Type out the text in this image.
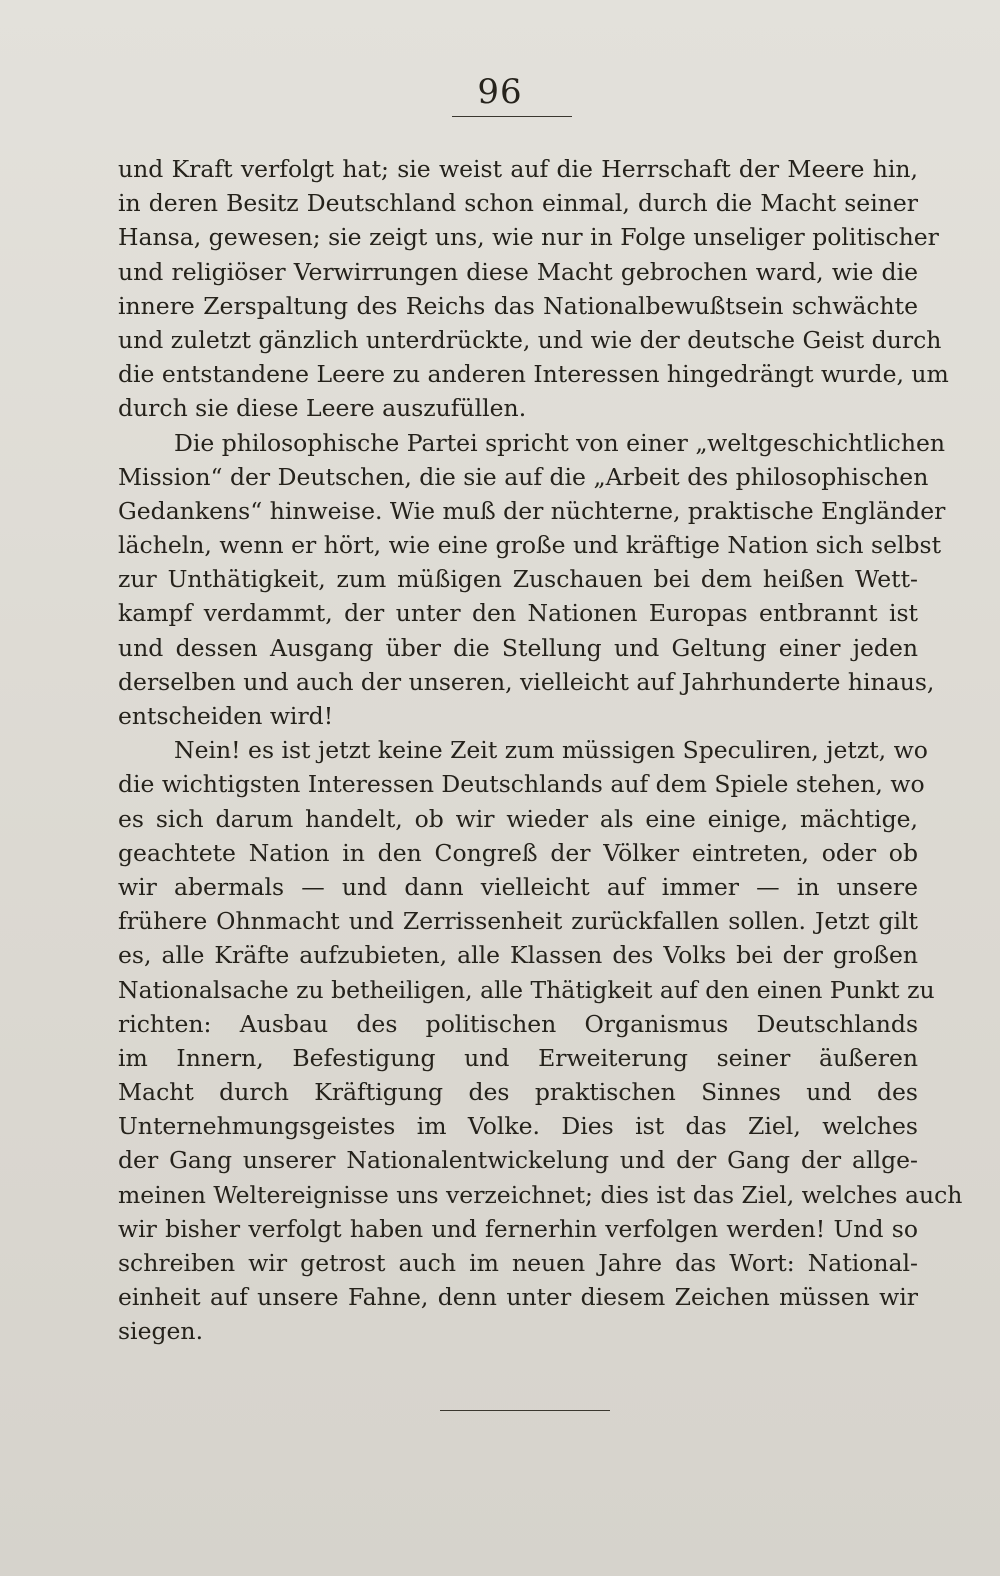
96
und Kraft verfolgt hat; sie weist auf die Herrschaft der Meere hin,
in deren Besitz Deutschland schon einmal, durch die Macht seiner
Hansa, gewesen; sie zeigt uns, wie nur in Folge unseliger politischer
und religiöser Verwirrungen diese Macht gebrochen ward, wie die
innere Zerspaltung des Reichs das Nationalbewußtsein schwächte
und zuletzt gänzlich unterdrückte, und wie der deutsche Geist durch
die entstandene Leere zu anderen Interessen hingedrängt wurde, um
durch sie diese Leere auszufüllen.
Die philosophische Partei spricht von einer „weltgeschichtlichen
Mission“ der Deutschen, die sie auf die „Arbeit des philosophischen
Gedankens“ hinweise. Wie muß der nüchterne, praktische Engländer
lächeln, wenn er hört, wie eine große und kräftige Nation sich selbst
zur Unthätigkeit, zum müßigen Zuschauen bei dem heißen Wett-
kampf verdammt, der unter den Nationen Europas entbrannt ist
und dessen Ausgang über die Stellung und Geltung einer jeden
derselben und auch der unseren, vielleicht auf Jahrhunderte hinaus,
entscheiden wird!
Nein! es ist jetzt keine Zeit zum müssigen Speculiren, jetzt, wo
die wichtigsten Interessen Deutschlands auf dem Spiele stehen, wo
es sich darum handelt, ob wir wieder als eine einige, mächtige,
geachtete Nation in den Congreß der Völker eintreten, oder ob
wir abermals — und dann vielleicht auf immer — in unsere
frühere Ohnmacht und Zerrissenheit zurückfallen sollen. Jetzt gilt
es, alle Kräfte aufzubieten, alle Klassen des Volks bei der großen
Nationalsache zu betheiligen, alle Thätigkeit auf den einen Punkt zu
richten: Ausbau des politischen Organismus Deutschlands
im Innern, Befestigung und Erweiterung seiner äußeren
Macht durch Kräftigung des praktischen Sinnes und des
Unternehmungsgeistes im Volke. Dies ist das Ziel, welches
der Gang unserer Nationalentwickelung und der Gang der allge-
meinen Weltereignisse uns verzeichnet; dies ist das Ziel, welches auch
wir bisher verfolgt haben und fernerhin verfolgen werden! Und so
schreiben wir getrost auch im neuen Jahre das Wort: National-
einheit auf unsere Fahne, denn unter diesem Zeichen müssen wir
siegen.
